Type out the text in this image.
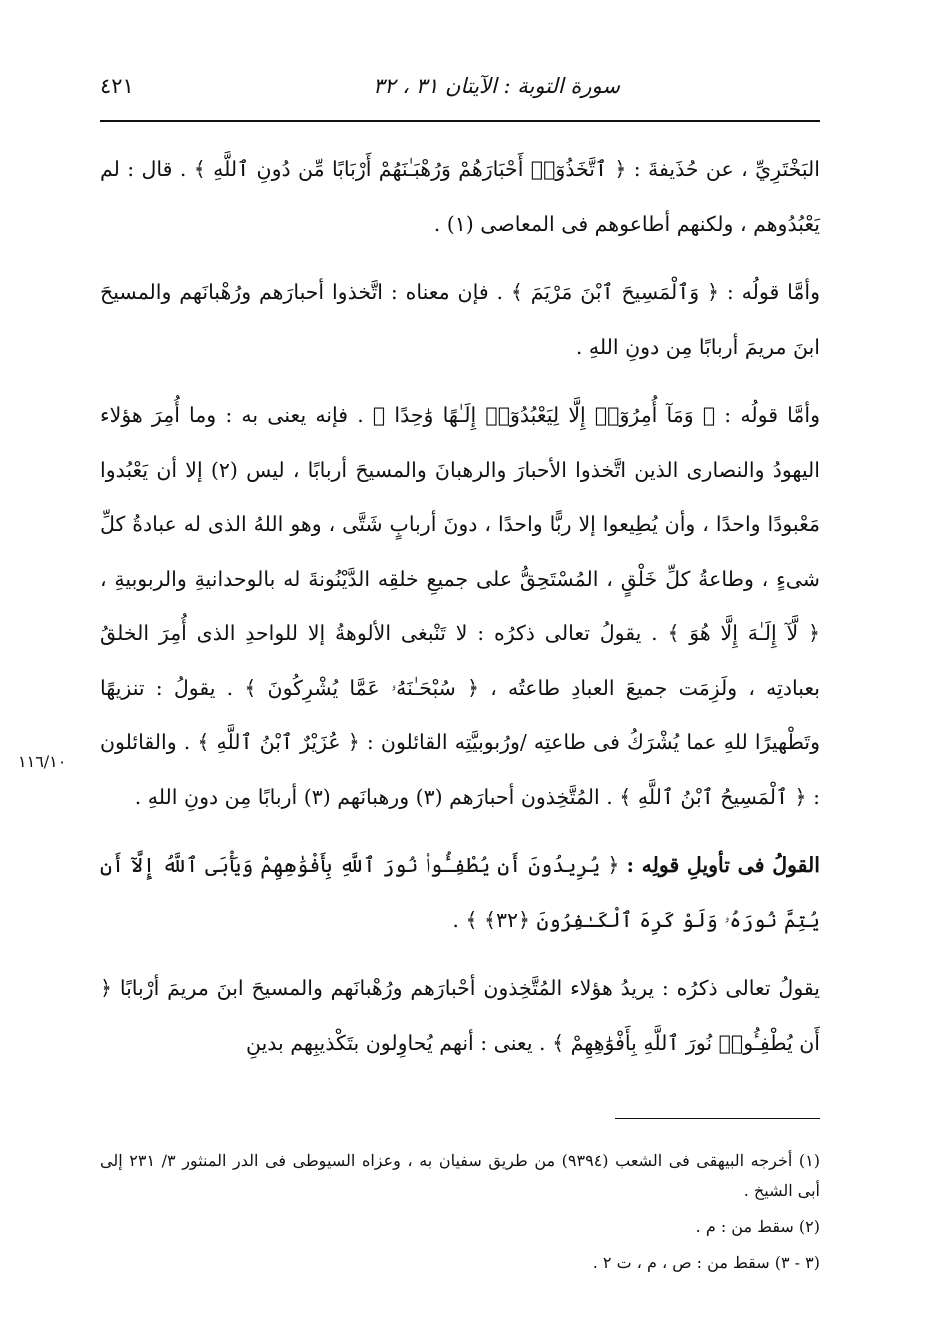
سورة التوبة : الآيتان ٣١ ، ٣٢
٤٢١

البَخْتَرِيِّ ، عن حُذَيفةَ : ﴿ ٱتَّخَذُوٓا۟ أَحْبَارَهُمْ وَرُهْبَـٰنَهُمْ أَرْبَابًا مِّن دُونِ ٱللَّهِ ﴾ . قال : لم يَعْبُدُوهم ، ولكنهم أطاعوهم فى المعاصى (١) .

وأمَّا قولُه : ﴿ وَٱلْمَسِيحَ ٱبْنَ مَرْيَمَ ﴾ . فإن معناه : اتَّخذوا أحبارَهم ورُهْبانَهم والمسيحَ ابنَ مريمَ أربابًا مِن دونِ اللهِ .

وأمَّا قولُه : ﴿ وَمَآ أُمِرُوٓا۟ إِلَّا لِيَعْبُدُوٓا۟ إِلَـٰهًا وَٰحِدًا ﴾ . فإنه يعنى به : وما أُمِرَ هؤلاء اليهودُ والنصارى الذين اتَّخذوا الأحبارَ والرهبانَ والمسيحَ أربابًا ، ليس (٢) إلا أن يَعْبُدوا مَعْبودًا واحدًا ، وأن يُطِيعوا إلا ربًّا واحدًا ، دونَ أربابٍ شَتَّى ، وهو اللهُ الذى له عبادةُ كلِّ شىءٍ ، وطاعةُ كلِّ خَلْقٍ ، المُسْتَحِقُّ على جميعِ خلقِه الدَّيْنُونةَ له بالوحدانيةِ والربوبيةِ ، ﴿ لَّآ إِلَـٰهَ إِلَّا هُوَ ﴾ . يقولُ تعالى ذكرُه : لا تَنْبغى الألوهةُ إلا للواحدِ الذى أُمِرَ الخلقُ بعبادتِه ، ولَزِمَت جميعَ العبادِ طاعتُه ، ﴿ سُبْحَـٰنَهُۥ عَمَّا يُشْرِكُونَ ﴾ . يقولُ : تنزيهًا وتَطْهيرًا للهِ عما يُشْرَكُ فى طاعتِه /ورُبوبيَّتِه القائلون : ﴿ عُزَيْرٌ ٱبْنُ ٱللَّهِ ﴾ . والقائلون : ﴿ ٱلْمَسِيحُ ٱبْنُ ٱللَّهِ ﴾ . المُتَّخِذون أحبارَهم (٣) ورهبانَهم (٣) أربابًا مِن دونِ اللهِ .

القولُ فى تأويلِ قولِه : ﴿ يُرِيدُونَ أَن يُطْفِـُٔوا۟ نُورَ ٱللَّهِ بِأَفْوَٰهِهِمْ وَيَأْبَى ٱللَّهُ إِلَّآ أَن يُتِمَّ نُورَهُۥ وَلَوْ كَرِهَ ٱلْكَـٰفِرُونَ ﴿٣٢﴾ ﴾ .

يقولُ تعالى ذكرُه : يريدُ هؤلاء المُتَّخِذون أحْبارَهم ورُهْبانَهم والمسيحَ ابنَ مريمَ أرْبابًا ﴿ أَن يُطْفِـُٔوا۟ نُورَ ٱللَّهِ بِأَفْوَٰهِهِمْ ﴾ . يعنى : أنهم يُحاوِلون بتَكْذيبِهم بدينِ

١١٦/١٠

(١) أخرجه البيهقى فى الشعب (٩٣٩٤) من طريق سفيان به ، وعزاه السيوطى فى الدر المنثور ٣/ ٢٣١ إلى أبى الشيخ .

(٢) سقط من : م .

(٣ - ٣) سقط من : ص ، م ، ت ٢ .
